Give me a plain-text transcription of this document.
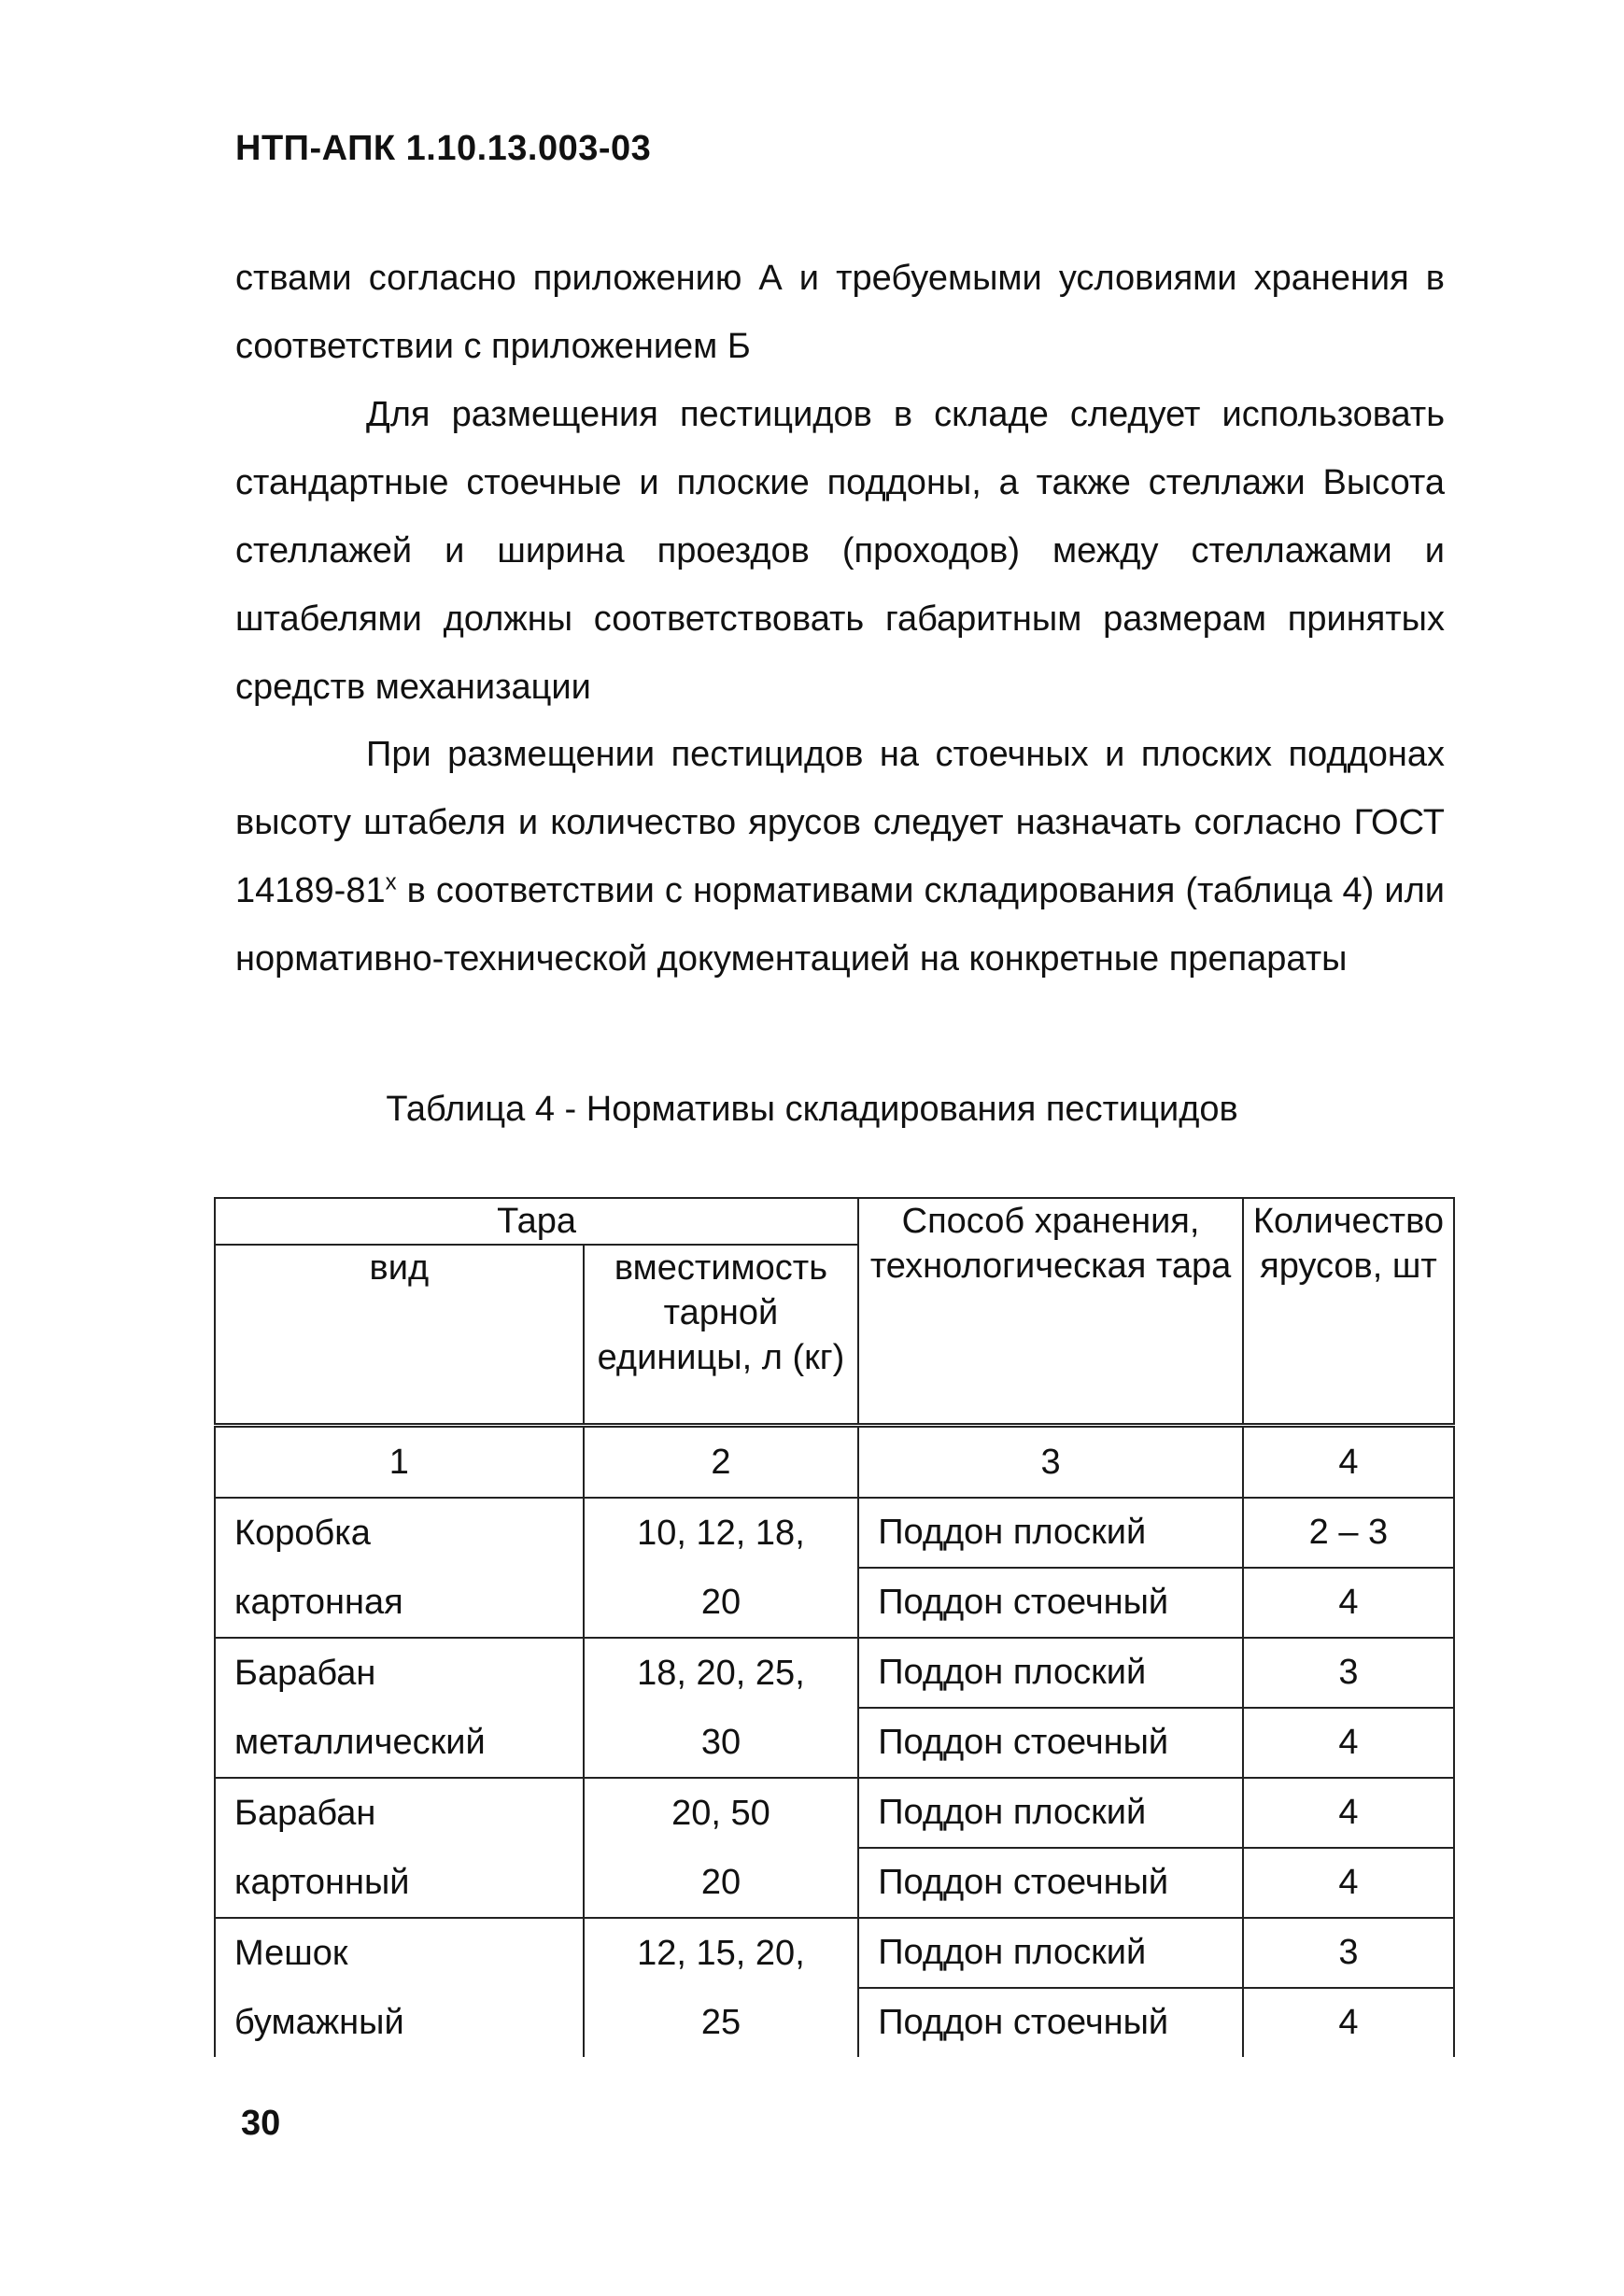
НТП-АПК 1.10.13.003-03

ствами согласно приложению А и требуемыми условиями хранения в соответствии с приложением Б

Для размещения пестицидов в складе следует использовать стандартные стоечные и плоские поддоны, а также стеллажи Высота стеллажей и ширина проездов (проходов) между стеллажами и штабелями должны соответствовать габаритным размерам принятых средств механизации

При размещении пестицидов на стоечных и плоских поддонах высоту штабеля и количество ярусов следует назначать согласно ГОСТ $14189-81^х$ в соответствии с нормативами складирования (таблица 4) или нормативно-технической документацией на конкретные препараты

Таблица 4 - Нормативы складирования пестицидов
Тара		Способ хранения, технологическая тара	Количество ярусов, шт
вид	вместимость тарной единицы, л (кг)		
1	2	3	4
Коробка	10, 12, 18,	Поддон плоский	2 – 3
картонная	20	Поддон стоечный	4
Барабан	18, 20, 25,	Поддон плоский	3
металлический	30	Поддон стоечный	4
Барабан	20, 50	Поддон плоский	4
картонный	20	Поддон стоечный	4
Мешок	12, 15, 20,	Поддон плоский	3
бумажный	25	Поддон стоечный	4
30
